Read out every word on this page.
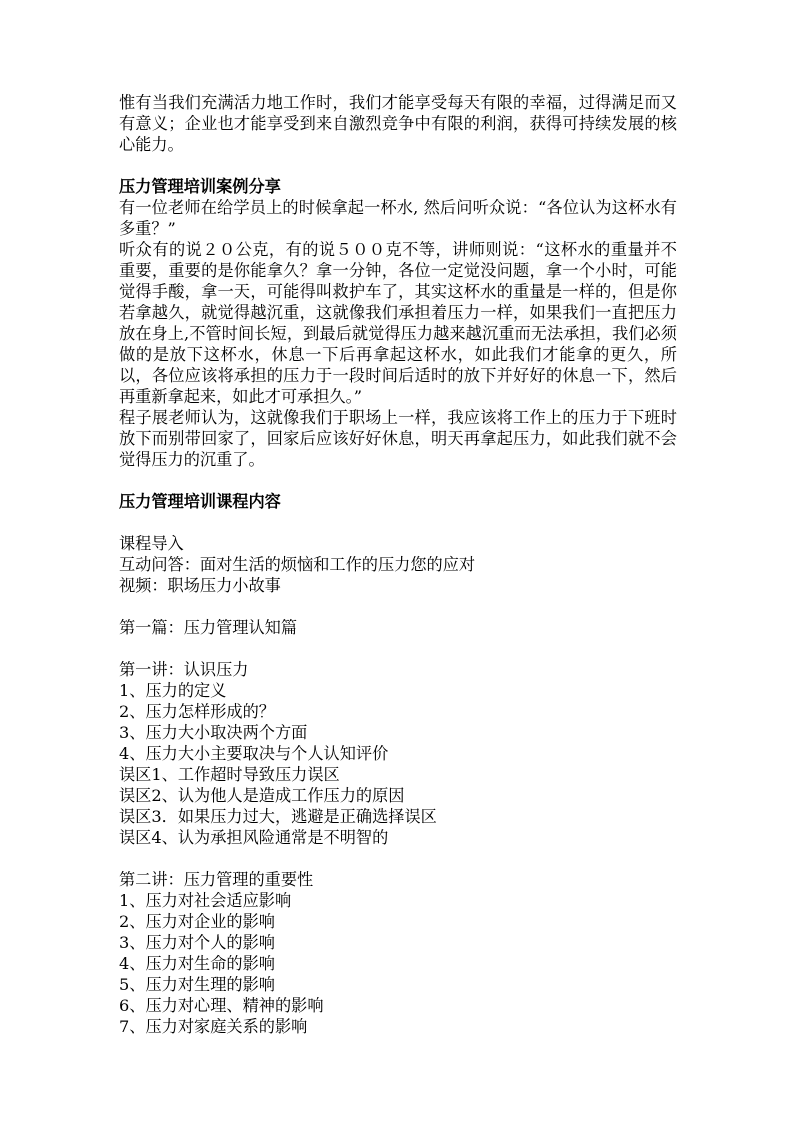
惟有当我们充满活力地工作时，我们才能享受每天有限的幸福，过得满足而又有意义；企业也才能享受到来自激烈竞争中有限的利润，获得可持续发展的核心能力。

压力管理培训案例分享

有一位老师在给学员上的时候拿起一杯水, 然后问听众说：“各位认为这杯水有多重？”

听众有的说２０公克，有的说５００克不等，讲师则说：“这杯水的重量并不重要，重要的是你能拿久？拿一分钟，各位一定觉没问题，拿一个小时，可能觉得手酸，拿一天，可能得叫救护车了，其实这杯水的重量是一样的，但是你若拿越久，就觉得越沉重，这就像我们承担着压力一样，如果我们一直把压力放在身上,不管时间长短，到最后就觉得压力越来越沉重而无法承担，我们必须做的是放下这杯水，休息一下后再拿起这杯水，如此我们才能拿的更久，所以，各位应该将承担的压力于一段时间后适时的放下并好好的休息一下，然后再重新拿起来，如此才可承担久。”

程子展老师认为，这就像我们于职场上一样，我应该将工作上的压力于下班时放下而别带回家了，回家后应该好好休息，明天再拿起压力，如此我们就不会觉得压力的沉重了。

压力管理培训课程内容

课程导入

互动问答：面对生活的烦恼和工作的压力您的应对

视频：职场压力小故事

第一篇：压力管理认知篇

第一讲：认识压力

1、压力的定义

2、压力怎样形成的？

3、压力大小取决两个方面

4、压力大小主要取决与个人认知评价

误区1、工作超时导致压力误区

误区2、认为他人是造成工作压力的原因

误区3．如果压力过大，逃避是正确选择误区

误区4、认为承担风险通常是不明智的

第二讲：压力管理的重要性

1、压力对社会适应影响

2、压力对企业的影响

3、压力对个人的影响

4、压力对生命的影响

5、压力对生理的影响

6、压力对心理、精神的影响

7、压力对家庭关系的影响
